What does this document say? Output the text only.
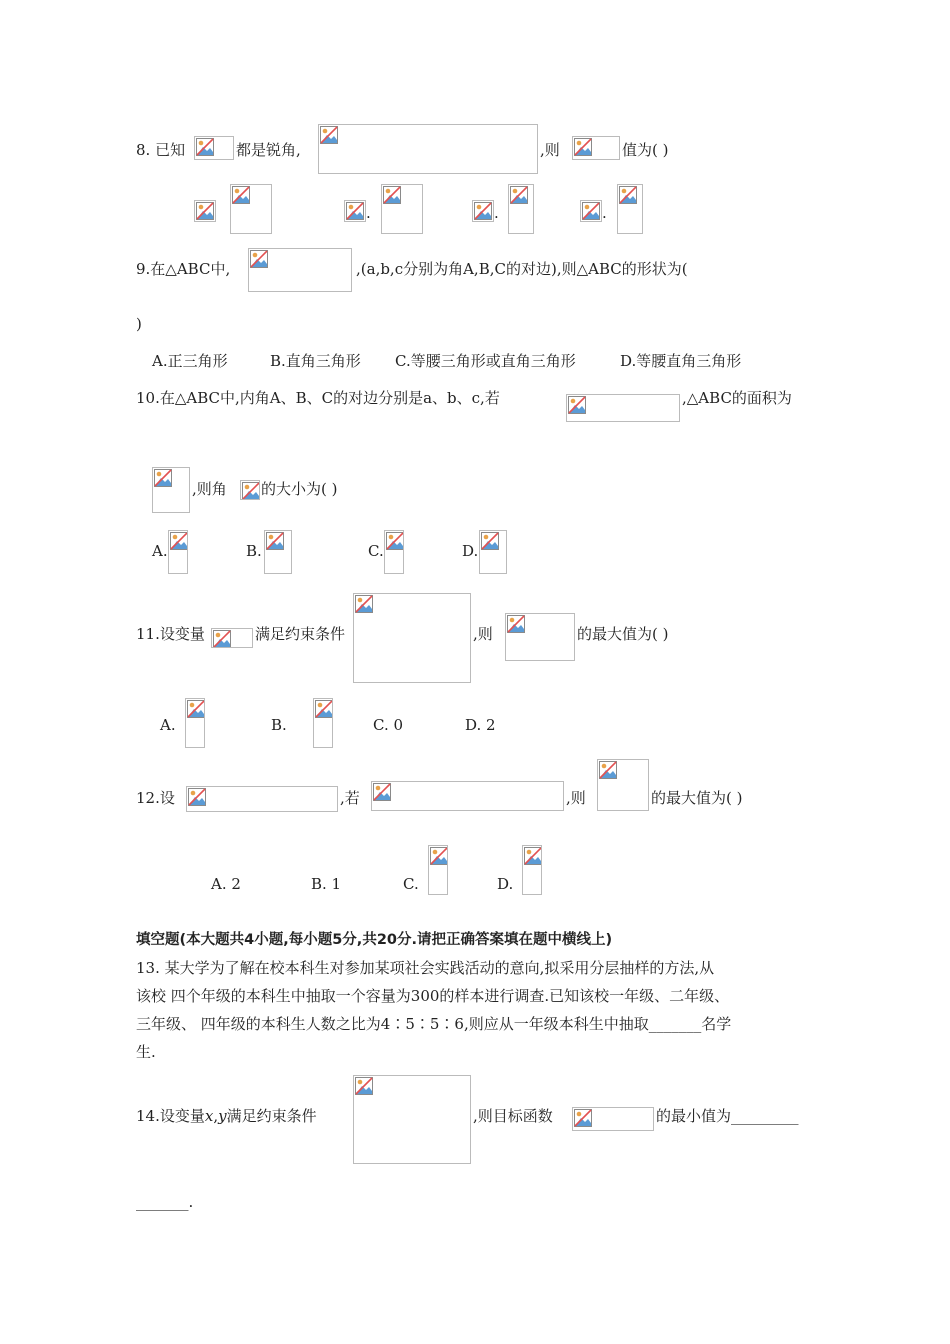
8. 已知	都是锐角,	,则	值为( )
.	.	.
9.在△ABC中,	,(a,b,c分别为角A,B,C的对边),则△ABC的形状为(
)
A.正三角形	B.直角三角形 C.等腰三角形或直角三角形	D.等腰直角三角形
10.在△ABC中,内角A、B、C的对边分别是a、b、c,若	,△ABC的面积为
,则角 的大小为( )
A.	B.	C.	D.
11.设变量	满足约束条件	,则	的最大值为( )
A.	B.	C. 0	D. 2
12.设	,若	,则	的最大值为( )
A. 2	B. 1	C.	D.
填空题(本大题共4小题,每小题5分,共20分.请把正确答案填在题中横线上)
13. 某大学为了解在校本科生对参加某项社会实践活动的意向,拟采用分层抽样的方法,从
该校 四个年级的本科生中抽取一个容量为300的样本进行调查.已知该校一年级、二年级、
三年级、 四年级的本科生人数之比为4∶5∶5∶6,则应从一年级本科生中抽取_______名学
生.
14.设变量x,y满足约束条件	,则目标函数	的最小值为_________
_______.
